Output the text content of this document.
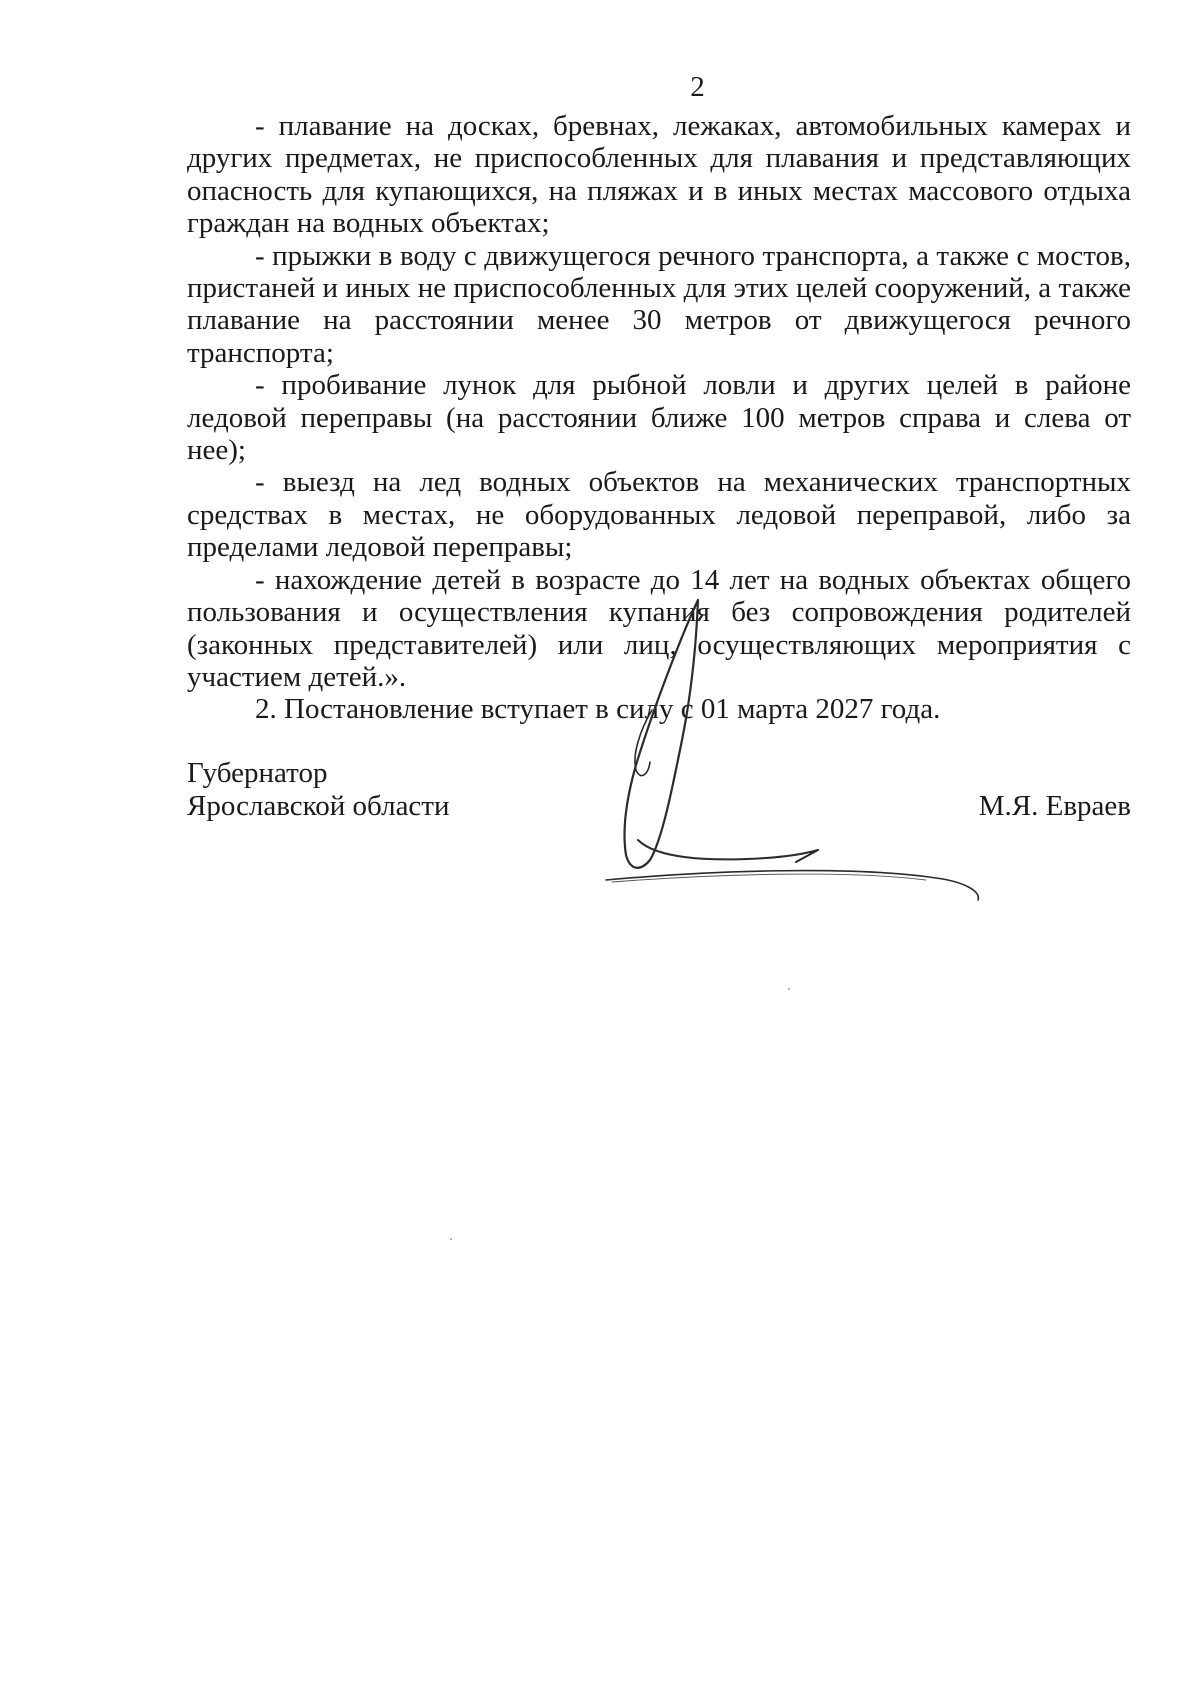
2

- плавание на досках, бревнах, лежаках, автомобильных камерах и других предметах, не приспособленных для плавания и представляющих опасность для купающихся, на пляжах и в иных местах массового отдыха граждан на водных объектах;

- прыжки в воду с движущегося речного транспорта, а также с мостов, пристаней и иных не приспособленных для этих целей сооружений, а также плавание на расстоянии менее 30 метров от движущегося речного транспорта;

- пробивание лунок для рыбной ловли и других целей в районе ледовой переправы (на расстоянии ближе 100 метров справа и слева от нее);

- выезд на лед водных объектов на механических транспортных средствах в местах, не оборудованных ледовой переправой, либо за пределами ледовой переправы;

- нахождение детей в возрасте до 14 лет на водных объектах общего пользования и осуществления купания без сопровождения родителей (законных представителей) или лиц, осуществляющих мероприятия с участием детей.».

2. Постановление вступает в силу с 01 марта 2027 года.

Губернатор
Ярославской области	М.Я. Евраев
